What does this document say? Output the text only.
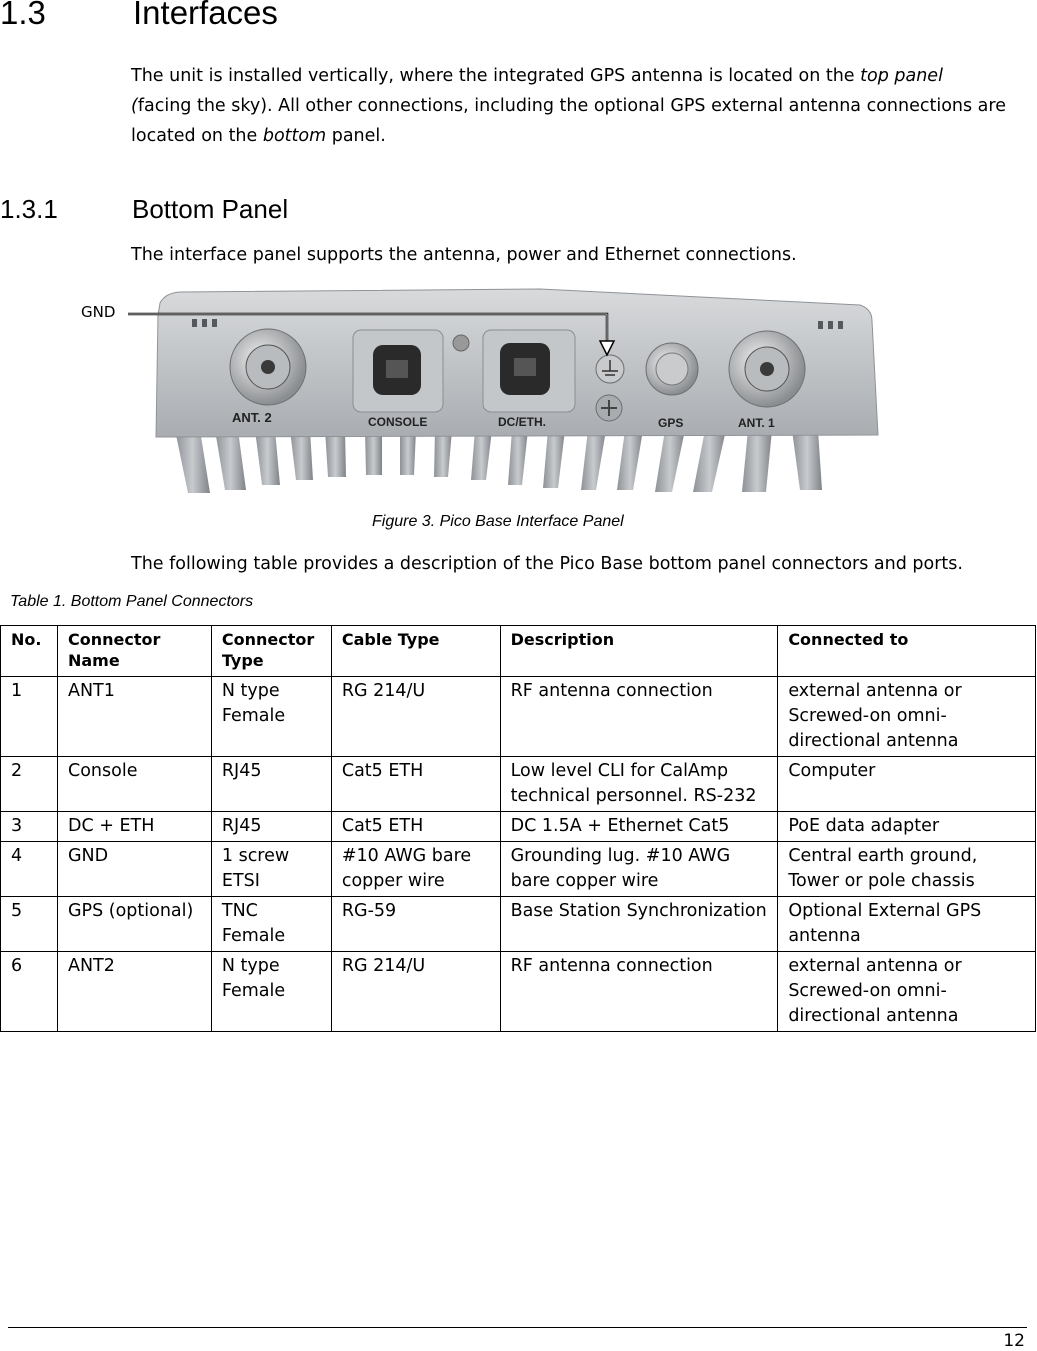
1.3	Interfaces
The unit is installed vertically, where the integrated GPS antenna is located on the top panel
(facing the sky). All other connections, including the optional GPS external antenna connections are located on the bottom panel.
1.3.1	Bottom Panel
The interface panel supports the antenna, power and Ethernet connections.
GND
ANT. 2	CONSOLE	DC/ETH.	GPS	ANT. 1
Figure 3. Pico Base Interface Panel
The following table provides a description of the Pico Base bottom panel connectors and ports.
Table 1. Bottom Panel Connectors
No.	Connector Name	Connector Type	Cable Type	Description	Connected to
1	ANT1	N type Female	RG 214/U	RF antenna connection	external antenna or Screwed-on omni-directional antenna
2	Console	RJ45	Cat5 ETH	Low level CLI for CalAmp technical personnel. RS-232	Computer
3	DC + ETH	RJ45	Cat5 ETH	DC 1.5A + Ethernet Cat5	PoE data adapter
4	GND	1 screw ETSI	#10 AWG bare copper wire	Grounding lug. #10 AWG bare copper wire	Central earth ground, Tower or pole chassis
5	GPS (optional)	TNC Female	RG-59	Base Station Synchronization	Optional External GPS antenna
6	ANT2	N type Female	RG 214/U	RF antenna connection	external antenna or Screwed-on omni-directional antenna
12
